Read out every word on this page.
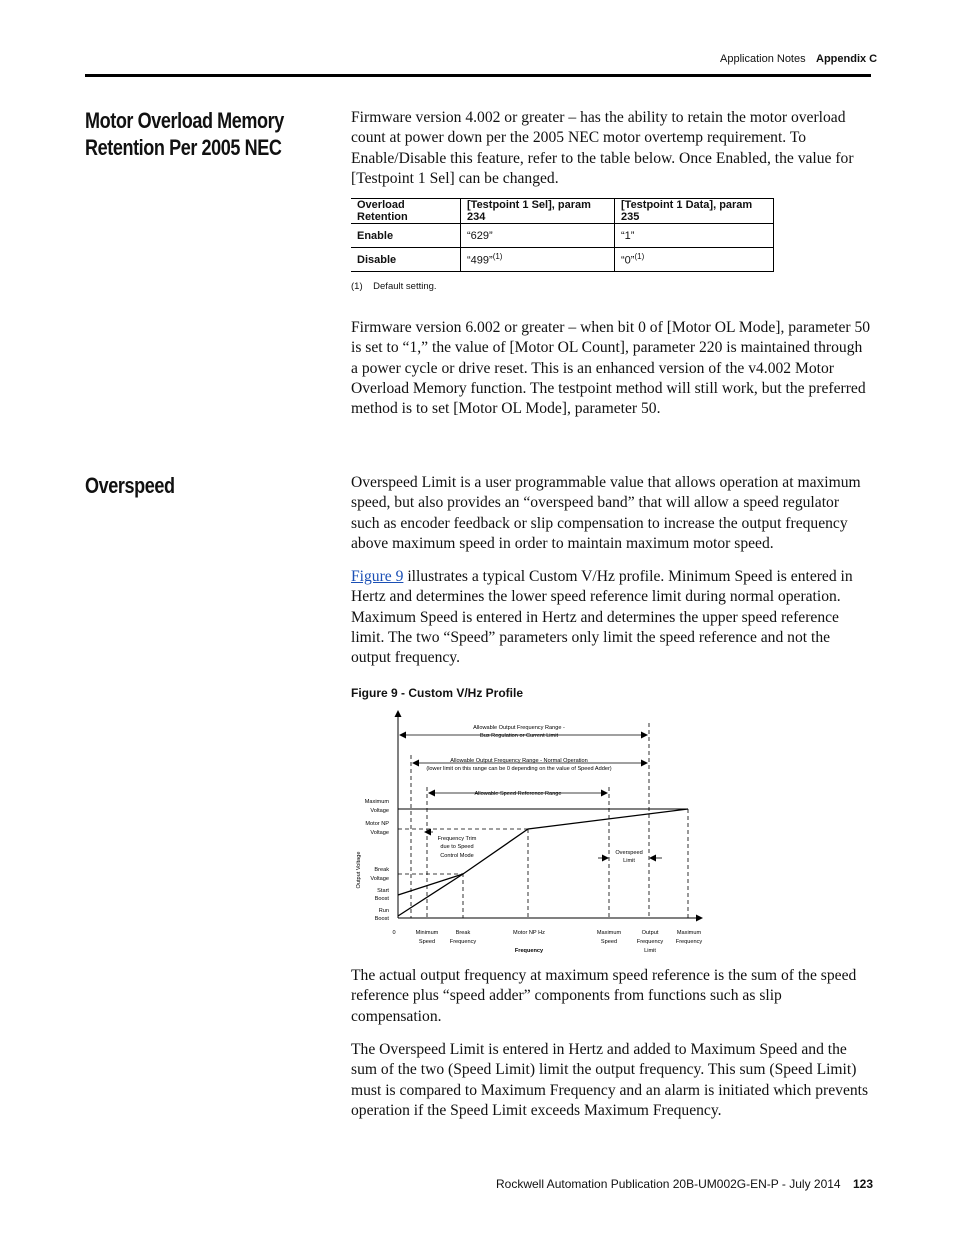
Application Notes Appendix C
Motor Overload Memory
Retention Per 2005 NEC
Firmware version 4.002 or greater – has the ability to retain the motor overload count at power down per the 2005 NEC motor overtemp requirement. To Enable/Disable this feature, refer to the table below. Once Enabled, the value for [Testpoint 1 Sel] can be changed.
Overload Retention	[Testpoint 1 Sel], param 234	[Testpoint 1 Data], param 235
Enable	“629”	“1”
Disable	“499”$^{(1)}$	“0”$^{(1)}$
(1)    Default setting.
Firmware version 6.002 or greater – when bit 0 of [Motor OL Mode], parameter 50 is set to “1,” the value of [Motor OL Count], parameter 220 is maintained through a power cycle or drive reset. This is an enhanced version of the v4.002 Motor Overload Memory function. The testpoint method will still work, but the preferred method is to set [Motor OL Mode], parameter 50.
Overspeed	Overspeed Limit is a user programmable value that allows operation at maximum speed, but also provides an “overspeed band” that will allow a speed regulator such as encoder feedback or slip compensation to increase the output frequency above maximum speed in order to maintain maximum motor speed.
Figure 9 illustrates a typical Custom V/Hz profile. Minimum Speed is entered in Hertz and determines the lower speed reference limit during normal operation. Maximum Speed is entered in Hertz and determines the upper speed reference limit. The two “Speed” parameters only limit the speed reference and not the output frequency.
Figure 9 - Custom V/Hz Profile
Allowable Output Frequency Range -
Bus Regulation or Current Limit
Allowable Output Frequency Range - Normal Operation
(lower limit on this range can be 0 depending on the value of Speed Adder)
Allowable Speed Reference Range
Frequency Trim
due to Speed
Control Mode	Overspeed
Limit
Maximum
Voltage
Motor NP
Voltage
Break
Voltage
Start
Boost
Run
Boost
Output Voltage
0	Minimum
Speed
Break
Frequency
Motor NP Hz	Maximum
Speed
Output
Frequency
Limit
Maximum
Frequency
Frequency
The actual output frequency at maximum speed reference is the sum of the speed reference plus “speed adder” components from functions such as slip compensation.
The Overspeed Limit is entered in Hertz and added to Maximum Speed and the sum of the two (Speed Limit) limit the output frequency. This sum (Speed Limit) must is compared to Maximum Frequency and an alarm is initiated which prevents operation if the Speed Limit exceeds Maximum Frequency.
Rockwell Automation Publication 20B-UM002G-EN-P - July 2014 123
